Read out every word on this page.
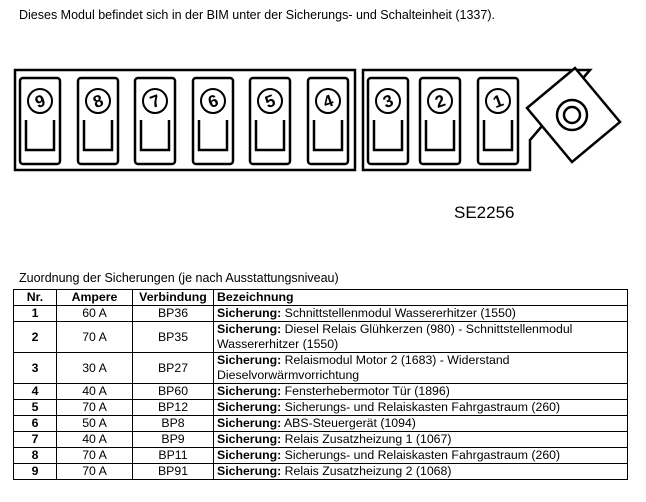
Dieses Modul befindet sich in der BIM unter der Sicherungs- und Schalteinheit (1337).
9	8 7	6 5	4	3 2	1
SE2256
Zuordnung der Sicherungen (je nach Ausstattungsniveau)
Nr.	Ampere	Verbindung	Bezeichnung
1	60 A	BP36	Sicherung: Schnittstellenmodul Wassererhitzer (1550)
2	70 A	BP35	Sicherung: Diesel Relais Glühkerzen (980) - Schnittstellenmodul Wassererhitzer (1550)
3	30 A	BP27	Sicherung: Relaismodul Motor 2 (1683) - Widerstand Dieselvorwärmvorrichtung
4	40 A	BP60	Sicherung: Fensterhebermotor Tür (1896)
5	70 A	BP12	Sicherung: Sicherungs- und Relaiskasten Fahrgastraum (260)
6	50 A	BP8	Sicherung: ABS-Steuergerät (1094)
7	40 A	BP9	Sicherung: Relais Zusatzheizung 1 (1067)
8	70 A	BP11	Sicherung: Sicherungs- und Relaiskasten Fahrgastraum (260)
9	70 A	BP91	Sicherung: Relais Zusatzheizung 2 (1068)
